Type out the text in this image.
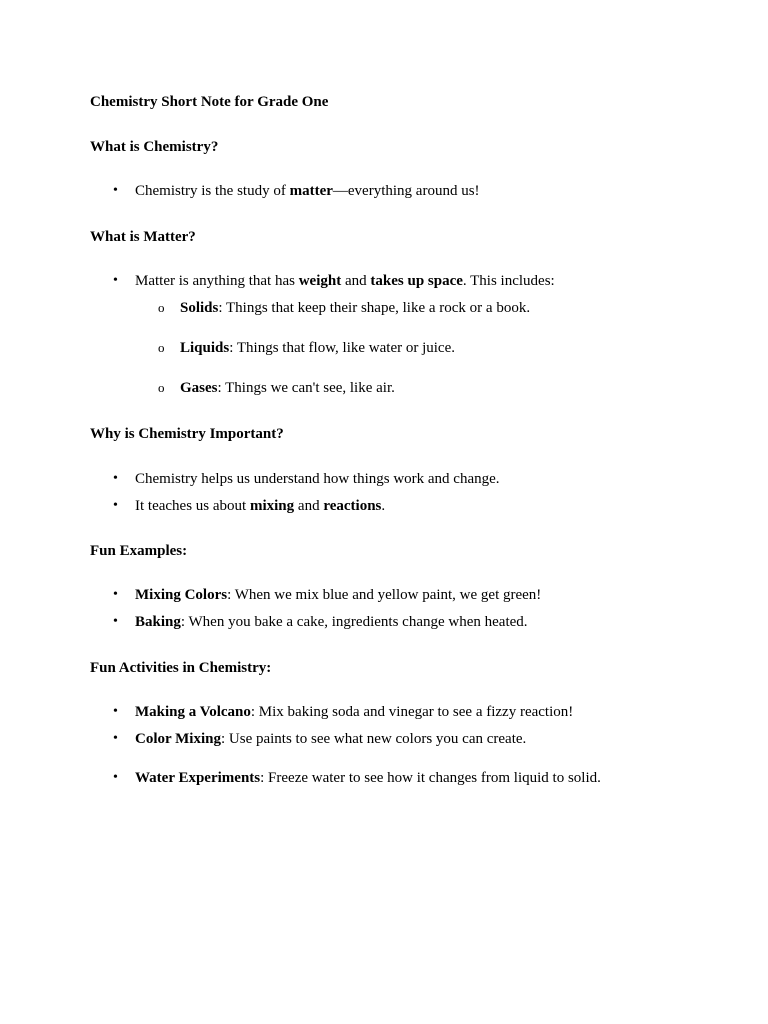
Chemistry Short Note for Grade One
What is Chemistry?
• Chemistry is the study of matter—everything around us!
What is Matter?
• Matter is anything that has weight and takes up space. This includes:
o Solids: Things that keep their shape, like a rock or a book.
o Liquids: Things that flow, like water or juice.
o Gases: Things we can't see, like air.
Why is Chemistry Important?
• Chemistry helps us understand how things work and change.
• It teaches us about mixing and reactions.
Fun Examples:
• Mixing Colors: When we mix blue and yellow paint, we get green!
• Baking: When you bake a cake, ingredients change when heated.
Fun Activities in Chemistry:
• Making a Volcano: Mix baking soda and vinegar to see a fizzy reaction!
• Color Mixing: Use paints to see what new colors you can create.
• Water Experiments: Freeze water to see how it changes from liquid to solid.
